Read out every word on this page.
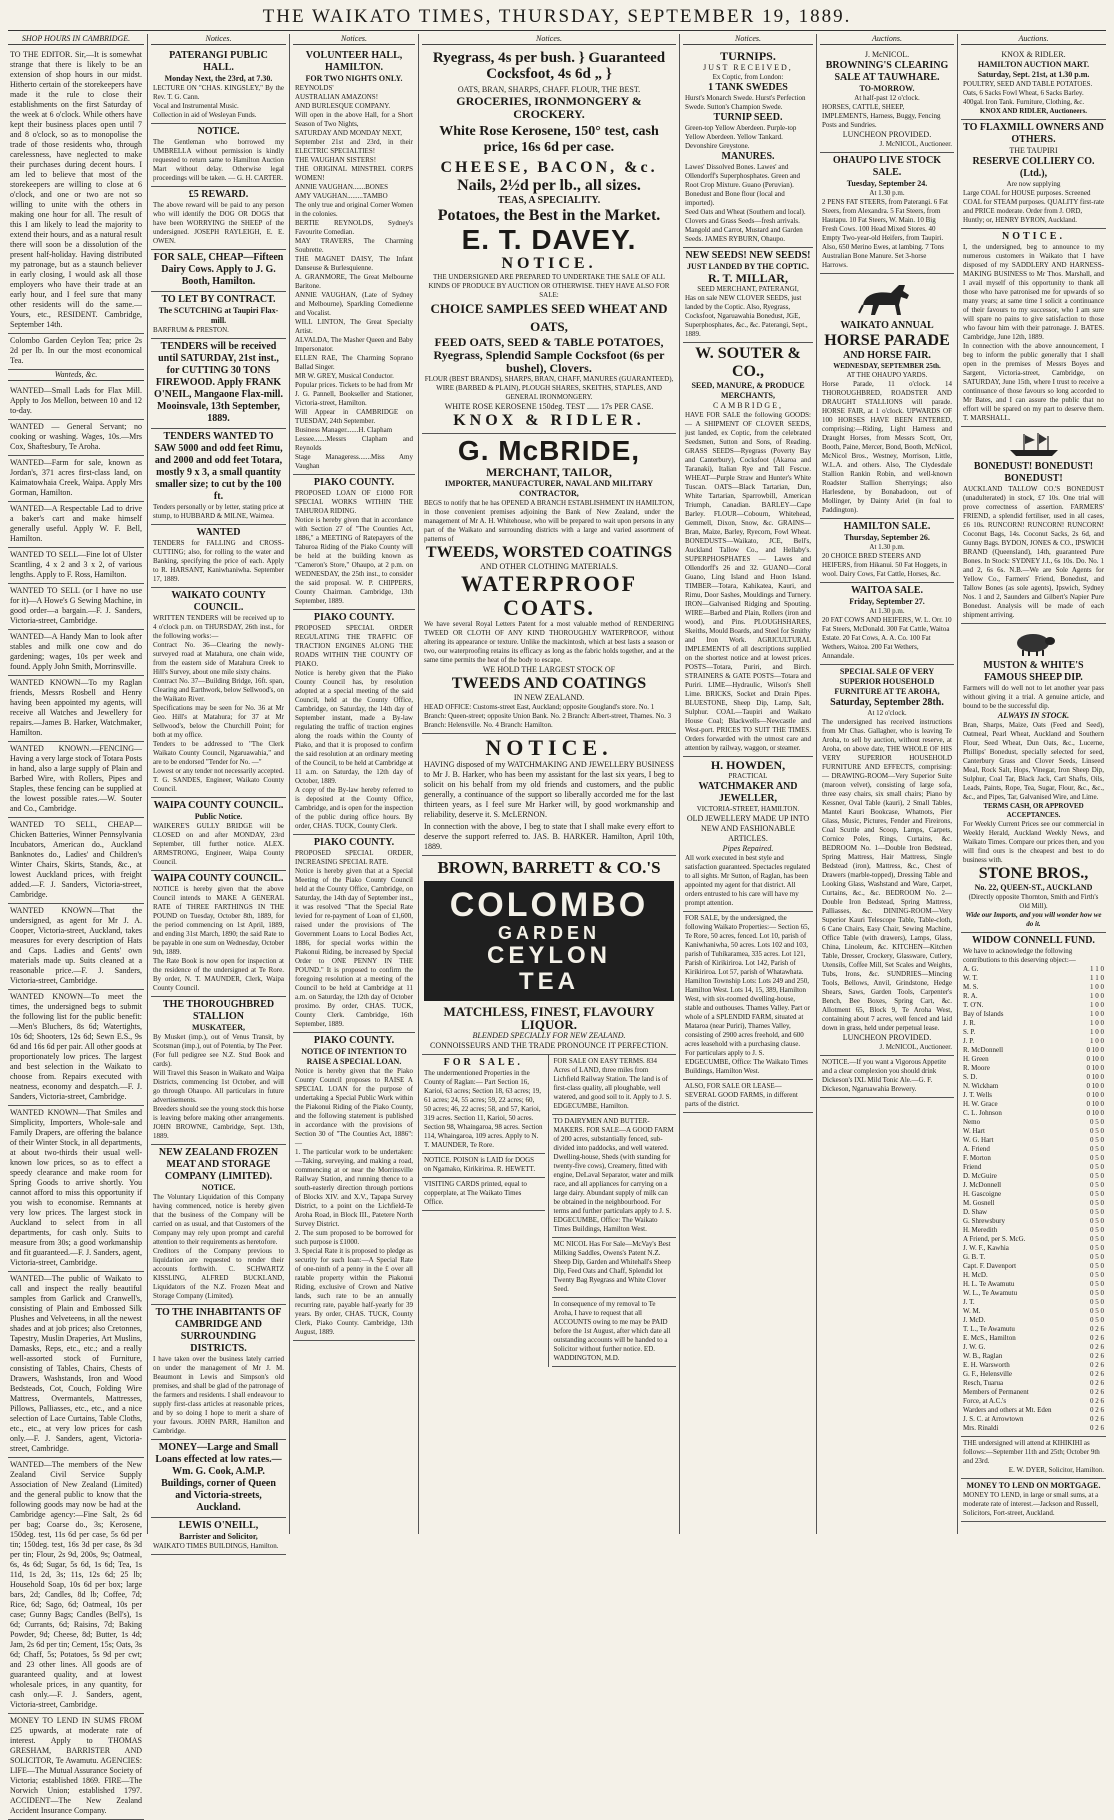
THE WAIKATO TIMES, THURSDAY, SEPTEMBER 19, 1889.
SHOP HOURS IN CAMBRIDGE.
TO THE EDITOR. Sir,—It is somewhat strange that there is likely to be an extension of shop hours in our midst. Hitherto certain of the storekeepers have made it the rule to close their establishments on the first Saturday of the week at 6 o'clock. While others have kept their business places open until 7 and 8 o'clock, so as to monopolise the trade of those residents who, through carelessness, have neglected to make their purchases during decent hours. I am led to believe that most of the storekeepers are willing to close at 6 o'clock, and one or two are not so willing to unite with the others in making one hour for all. The result of this I am likely to lead the majority to extend their hours, and as a natural result there will soon be a dissolution of the present half-holiday. Having distributed my patronage, but as a staunch believer in early closing, I would ask all those employers who have their trade at an early hour, and I feel sure that many other residents will do the same.—Yours, etc., RESIDENT. Cambridge, September 14th.
Colombo Garden Ceylon Tea; price 2s 2d per lb. In our the most economical Tea.
Wanteds, &c.
WANTED—Small Lads for Flax Mill. Apply to Jos Mellon, between 10 and 12 to-day.
WANTED — General Servant; no cooking or washing. Wages, 10s.—Mrs Cox, Shaftesbury, Te Aroha.
WANTED—Farm for sale, known as Jordan's, 371 acres first-class land, on Kaimatowhaia Creek, Waipa. Apply Mrs Gorman, Hamilton.
WANTED—A Respectable Lad to drive a baker's cart and make himself generally useful. Apply W. F. Bell, Hamilton.
WANTED TO SELL—Fine lot of Ulster Scantling, 4 x 2 and 3 x 2, of various lengths. Apply to F. Ross, Hamilton.
WANTED TO SELL (or I have no use for it)—A Howe's G Sewing Machine, in good order—a bargain.—F. J. Sanders, Victoria-street, Cambridge.
WANTED—A Handy Man to look after stables and milk one cow and do gardening; wages, 10s per week and found. Apply John Smith, Morrinsville.
WANTED KNOWN—To my Raglan friends, Messrs Rosbell and Henry having been appointed my agents, will receive all Watches and Jewellery for repairs.—James B. Harker, Watchmaker, Hamilton.
WANTED KNOWN.—FENCING—Having a very large stock of Totara Posts in hand, also a large supply of Plain and Barbed Wire, with Rollers, Pipes and Staples, these fencing can be supplied at the lowest possible rates.—W. Souter and Co., Cambridge.
WANTED TO SELL, CHEAP—Chicken Batteries, Winner Pennsylvania Incubators, American do., Auckland Banknotes do., Ladies' and Children's Winter Chairs, Skirts, Stands, &c., at lowest Auckland prices, with freight added.—F. J. Sanders, Victoria-street, Cambridge.
WANTED KNOWN—That the undersigned, as agent for Mr J. A. Cooper, Victoria-street, Auckland, takes measures for every description of Hats and Caps. Ladies and Gents' own materials made up. Suits cleaned at a reasonable price.—F. J. Sanders, Victoria-street, Cambridge.
WANTED KNOWN—To meet the times, the undersigned begs to submit the following list for the public benefit:—Men's Bluchers, 8s 6d; Watertights, 10s 6d; Shooters, 12s 6d; Sewn E.S., 9s 6d and 16s 6d per pair. All other goods at proportionately low prices. The largest and best selection in the Waikato to choose from. Repairs executed with neatness, economy and despatch.—F. J. Sanders, Victoria-street, Cambridge.
WANTED KNOWN—That Smiles and Simplicity, Importers, Whole-sale and Family Drapers, are offering the balance of their Winter Stock, in all departments, at about two-thirds their usual well-known low prices, so as to effect a speedy clearance and make room for Spring Goods to arrive shortly. You cannot afford to miss this opportunity if you wish to economise. Remnants at very low prices. The largest stock in Auckland to select from in all departments, for cash only. Suits to measure from 30s; a good workmanship and fit guaranteed.—F. J. Sanders, agent, Victoria-street, Cambridge.
WANTED—The public of Waikato to call and inspect the really beautiful samples from Garlick and Cranwell's, consisting of Plain and Embossed Silk Plushes and Velveteens, in all the newest shades and at job prices; also Cretonnes, Tapestry, Muslin Draperies, Art Muslins, Damasks, Reps, etc., etc.; and a really well-assorted stock of Furniture, consisting of Tables, Chairs, Chests of Drawers, Washstands, Iron and Wood Bedsteads, Cot, Couch, Folding Wire Mattress, Overmantels, Mattresses, Pillows, Palliasses, etc., etc., and a nice selection of Lace Curtains, Table Cloths, etc., etc., at very low prices for cash only.—F. J. Sanders, agent, Victoria-street, Cambridge.
WANTED—The members of the New Zealand Civil Service Supply Association of New Zealand (Limited) and the general public to know that the following goods may now be had at the Cambridge agency:—Fine Salt, 2s 6d per bag; Coarse do., 3s; Kerosene, 150deg. test, 11s 6d per case, 5s 6d per tin; 150deg. test, 16s 3d per case, 8s 3d per tin; Flour, 2s 9d, 200s, 9s; Oatmeal, 6s, 4s 6d; Sugar, 5s 6d, 1s 6d; Tea, 1s 11d, 1s 2d, 3s; 11s, 12s 6d; 25 lb; Household Soap, 10s 6d per box; large bars, 2d; Candles, 8d lb; Coffee, 7d; Rice, 6d; Sago, 6d; Oatmeal, 10s per case; Gunny Bags; Candles (Bell's), 1s 6d; Currants, 6d; Raisins, 7d; Baking Powder, 9d; Cheese, 8d; Butter, 1s 4d; Jam, 2s 6d per tin; Cement, 15s; Oats, 3s 6d; Chaff, 5s; Potatoes, 5s 9d per cwt; and 23 other lines. All goods are of guaranteed quality, and at lowest wholesale prices, in any quantity, for cash only.—F. J. Sanders, agent, Victoria-street, Cambridge.
MONEY TO LEND IN SUMS FROM £25 upwards, at moderate rate of interest. Apply to THOMAS GRESHAM, BARRISTER AND SOLICITOR, Te Awamutu. AGENCIES: LIFE—The Mutual Assurance Society of Victoria; established 1869. FIRE—The Norwich Union; established 1797. ACCIDENT—The New Zealand Accident Insurance Company.
Notices.
PATERANGI PUBLIC HALL.
Monday Next, the 23rd, at 7.30.
LECTURE ON "CHAS. KINGSLEY," By the Rev. T. G. Cann.
Vocal and Instrumental Music.
Collection in aid of Wesleyan Funds.
NOTICE.
The Gentleman who borrowed my UMBRELLA without permission is kindly requested to return same to Hamilton Auction Mart without delay. Otherwise legal proceedings will be taken. — G. H. CARTER.
£5 REWARD.
The above reward will be paid to any person who will identify the DOG OR DOGS that have been WORRYING the SHEEP of the undersigned. JOSEPH RAYLEIGH, E. E. OWEN.
FOR SALE, CHEAP—Fifteen Dairy Cows. Apply to J. G. Booth, Hamilton.
TO LET BY CONTRACT.
The SCUTCHING at Taupiri Flax-mill.
BARFRUM & PRESTON.
TENDERS will be received until SATURDAY, 21st inst., for CUTTING 30 TONS FIREWOOD. Apply FRANK O'NEIL, Mangaone Flax-mill. Mooinsvale, 13th September, 1889.
TENDERS WANTED TO SAW 5000 and odd feet Rimu, and 2000 and odd feet Totara, mostly 9 x 3, a small quantity smaller size; to cut by the 100 ft.
Tenders personally or by letter, stating price at stump, to HUBBARD & MILNE, Waimea.
WANTED
TENDERS for FALLING and CROSS-CUTTING; also, for rolling to the water and Banking, specifying the price of each. Apply to R. HARSANT, Kaniwhaniwha. September 17, 1889.
WAIKATO COUNTY COUNCIL.
WRITTEN TENDERS will be received up to 4 o'clock p.m. on THURSDAY, 26th inst., for the following works:—
Contract No. 36—Clearing the newly-surveyed road at Matahura, one chain wide, from the eastern side of Matahura Creek to Hill's Survey, about one mile sixty chains.
Contract No. 37—Building Bridge, 16ft. span, Clearing and Earthwork, below Sellwood's, on the Waikato River.
Specifications may be seen for No. 36 at Mr Geo. Hill's at Matahura; for 37 at Mr Sellwood's, below the Churchill Point; for both at my office.
Tenders to be addressed to "The Clerk Waikato County Council, Ngaruawahia," and are to be endorsed "Tender for No. —"
Lowest or any tender not necessarily accepted. T. G. SANDES, Engineer, Waikato County Council.
WAIPA COUNTY COUNCIL.
Public Notice.
WAIKERE'S GULLY BRIDGE will be CLOSED on and after MONDAY, 23rd September, till further notice. ALEX. ARMSTRONG, Engineer, Waipa County Council.
WAIPA COUNTY COUNCIL.
NOTICE is hereby given that the above Council intends to MAKE A GENERAL RATE of THREE FARTHINGS IN THE POUND on Tuesday, October 8th, 1889, for the period commencing on 1st April, 1889, and ending 31st March, 1890; the said Rate to be payable in one sum on Wednesday, October 9th, 1889.
The Rate Book is now open for inspection at the residence of the undersigned at Te Rore. By order, N. T. MAUNDER, Clerk, Waipa County Council.
THE THOROUGHBRED STALLION
MUSKATEER,
By Musket (imp.), out of Venus Transit, by Scotsman (imp.), out of Potentia, by The Peer.
(For full pedigree see N.Z. Stud Book and cards).
Will Travel this Season in Waikato and Waipa Districts, commencing 1st October, and will go through Ohaupo. All particulars in future advertisements.
Breeders should see the young stock this horse is leaving before making other arrangements. JOHN BROWNE, Cambridge, Sept. 13th, 1889.
NEW ZEALAND FROZEN MEAT AND STORAGE COMPANY (LIMITED).
NOTICE.
The Voluntary Liquidation of this Company having commenced, notice is hereby given that the business of the Company will be carried on as usual, and that Customers of the Company may rely upon prompt and careful attention to their requirements as heretofore.
Creditors of the Company previous to liquidation are requested to render their accounts forthwith. C. SCHWARTZ KISSLING, ALFRED BUCKLAND, Liquidators of the N.Z. Frozen Meat and Storage Company (Limited).
TO THE INHABITANTS OF CAMBRIDGE AND SURROUNDING DISTRICTS.
I have taken over the business lately carried on under the management of Mr J. M. Beaumont in Lewis and Simpson's old premises, and shall be glad of the patronage of the farmers and residents. I shall endeavour to supply first-class articles at reasonable prices, and by so doing I hope to merit a share of your favours. JOHN PARR, Hamilton and Cambridge.
MONEY—Large and Small Loans effected at low rates.—Wm. G. Cook, A.M.P. Buildings, corner of Queen and Victoria-streets, Auckland.
LEWIS O'NEILL,
Barrister and Solicitor,
WAIKATO TIMES BUILDINGS, Hamilton.
Notices.
VOLUNTEER HALL, HAMILTON.
FOR TWO NIGHTS ONLY.
REYNOLDS'
AUSTRALIAN AMAZONS!
AND BURLESQUE COMPANY.
Will open in the above Hall, for a Short Season of Two Nights,
SATURDAY AND MONDAY NEXT,
September 21st and 23rd, in their ELECTRIC SPECIALTIES!
THE VAUGHAN SISTERS!
THE ORIGINAL MINSTREL CORPS WOMEN!
ANNIE VAUGHAN.......BONES
AMY VAUGHAN.........TAMBO
The only true and original Corner Women in the colonies.
BERTIE REYNOLDS, Sydney's Favourite Comedian.
MAY TRAVERS, The Charming Soubrette.
THE MAGNET DAISY, The Infant Danseuse & Burlesquienne.
A. GRANMORE, The Great Melbourne Baritone.
ANNIE VAUGHAN, (Late of Sydney and Melbourne), Sparkling Comedienne and Vocalist.
WILL LINTON, The Great Specialty Artist.
ALVALDA, The Masher Queen and Baby Impersonator.
ELLEN RAE, The Charming Soprano Ballad Singer.
MR W. GREY, Musical Conductor.
Popular prices. Tickets to be had from Mr J. G. Pannell, Bookseller and Stationer, Victoria-street, Hamilton.
Will Appear in CAMBRIDGE on TUESDAY, 24th September.
Business Manager.......H. Clapham
Lessee.......Messrs Clapham and Reynolds
Stage Manageress.......Miss Amy Vaughan
PIAKO COUNTY.
PROPOSED LOAN OF £1000 FOR SPECIAL WORKS WITHIN THE TAHUROA RIDING.
Notice is hereby given that in accordance with Section 27 of "The Counties Act, 1886," a MEETING of Ratepayers of the Tahuroa Riding of the Piako County will be held at the building known as "Cameron's Store," Ohaupo, at 2 p.m. on WEDNESDAY, the 25th inst., to consider the said proposal. W. P. CHIPPERS, County Chairman. Cambridge, 13th September, 1889.
PIAKO COUNTY.
PROPOSED SPECIAL ORDER REGULATING THE TRAFFIC OF TRACTION ENGINES ALONG THE ROADS WITHIN THE COUNTY OF PIAKO.
Notice is hereby given that the Piako County Council has, by resolution adopted at a special meeting of the said Council, held at the County Office, Cambridge, on Saturday, the 14th day of September instant, made a By-law regulating the traffic of traction engines along the roads within the County of Piako, and that it is proposed to confirm the said resolution at an ordinary meeting of the Council, to be held at Cambridge at 11 a.m. on Saturday, the 12th day of October, 1889.
A copy of the By-law hereby referred to is deposited at the County Office, Cambridge, and is open for the inspection of the public during office hours. By order, CHAS. TUCK, County Clerk.
PIAKO COUNTY.
PROPOSED SPECIAL ORDER, INCREASING SPECIAL RATE.
Notice is hereby given that at a Special Meeting of the Piako County Council held at the County Office, Cambridge, on Saturday, the 14th day of September inst., it was resolved "That the Special Rate levied for re-payment of Loan of £1,600, raised under the provisions of The Government Loans to Local Bodies Act, 1886, for special works within the Piakonui Riding, be increased by Special Order to ONE PENNY IN THE POUND." It is proposed to confirm the foregoing resolution at a meeting of the Council to be held at Cambridge at 11 a.m. on Saturday, the 12th day of October proximo. By order, CHAS. TUCK, County Clerk. Cambridge, 16th September, 1889.
PIAKO COUNTY.
NOTICE OF INTENTION TO RAISE A SPECIAL LOAN.
Notice is hereby given that the Piako County Council proposes to RAISE A SPECIAL LOAN for the purpose of undertaking a Special Public Work within the Piakonui Riding of the Piako County, and the following statement is published in accordance with the provisions of Section 30 of "The Counties Act, 1886":—
1. The particular work to be undertaken:—Taking, surveying, and making a road, commencing at or near the Morrinsville Railway Station, and running thence to a south-easterly direction through portions of Blocks XIV. and X.V., Tapapa Survey District, to a point on the Lichfield-Te Aroha Road, in Block III., Patetere North Survey District.
2. The sum proposed to be borrowed for such purpose is £1000.
3. Special Rate it is proposed to pledge as security for such loan:—A Special Rate of one-ninth of a penny in the £ over all ratable property within the Piakonui Riding, exclusive of Crown and Native lands, such rate to be an annually recurring rate, payable half-yearly for 39 years. By order, CHAS. TUCK, County Clerk, Piako County. Cambridge, 13th August, 1889.
Notices.
Ryegrass, 4s per bush. } Guaranteed
Cocksfoot, 4s 6d „ }
OATS, BRAN, SHARPS, CHAFF. FLOUR, THE BEST.
GROCERIES, IRONMONGERY & CROCKERY.
White Rose Kerosene, 150° test, cash price, 16s 6d per case.
CHEESE, BACON, &c.
Nails, 2½d per lb., all sizes.
TEAS, A SPECIALITY.
Potatoes, the Best in the Market.
E. T. DAVEY.
NOTICE.
THE UNDERSIGNED ARE PREPARED TO UNDERTAKE THE SALE OF ALL KINDS OF PRODUCE BY AUCTION OR OTHERWISE. THEY HAVE ALSO FOR SALE:
CHOICE SAMPLES SEED WHEAT AND OATS,
FEED OATS, SEED & TABLE POTATOES,
Ryegrass, Splendid Sample Cocksfoot (6s per bushel), Clovers.
FLOUR (BEST BRANDS), SHARPS, BRAN, CHAFF, MANURES (GUARANTEED), WIRE (BARBED & PLAIN), PLOUGH SHARES, SKEITHS, STAPLES, AND GENERAL IRONMONGERY.
WHITE ROSE KEROSENE 150deg. TEST ...... 17s PER CASE.
KNOX & RIDLER.
G. McBRIDE,
MERCHANT, TAILOR,
IMPORTER, MANUFACTURER, NAVAL AND MILITARY CONTRACTOR,
BEGS to notify that he has OPENED A BRANCH ESTABLISHMENT IN HAMILTON, in those convenient premises adjoining the Bank of New Zealand, under the management of Mr A. H. Whitehouse, who will be prepared to wait upon persons in any part of the Waikato and surrounding districts with a large and varied assortment of patterns of
TWEEDS, WORSTED COATINGS
AND OTHER CLOTHING MATERIALS.
WATERPROOF COATS.
We have several Royal Letters Patent for a most valuable method of RENDERING TWEED OR CLOTH OF ANY KIND THOROUGHLY WATERPROOF, without altering its appearance or texture. Unlike the mackintosh, which at best lasts a season or two, our waterproofing retains its efficacy as long as the fabric holds together, and at the same time permits the heat of the body to escape.
WE HOLD THE LARGEST STOCK OF
TWEEDS AND COATINGS
IN NEW ZEALAND.
HEAD OFFICE: Customs-street East, Auckland; opposite Gougland's store. No. 1 Branch: Queen-street; opposite Union Bank. No. 2 Branch: Albert-street, Thames. No. 3 Branch: Helensville. No. 4 Branch: Hamilton.
NOTICE.
HAVING disposed of my WATCHMAKING AND JEWELLERY BUSINESS to Mr J. B. Harker, who has been my assistant for the last six years, I beg to solicit on his behalf from my old friends and customers, and the public generally, a continuance of the support so liberally accorded me for the last thirteen years, as I feel sure Mr Harker will, by good workmanship and reliability, deserve it. S. McLERNON.
In connection with the above, I beg to state that I shall make every effort to deserve the support referred to. JAS. B. HARKER. Hamilton, April 10th, 1889.
BROWN, BARRETT & CO.'S
COLOMBO
GARDEN
CEYLON
TEA
MATCHLESS, FINEST, FLAVOURY LIQUOR.
BLENDED SPECIALLY FOR NEW ZEALAND.
CONNOISSEURS AND THE TRADE PRONOUNCE IT PERFECTION.
FOR SALE.
The undermentioned Properties in the County of Raglan:— Part Section 16, Karioi, 63 acres; Section 18, 63 acres; 19, 61 acres; 24, 55 acres; 59, 22 acres; 60, 50 acres; 46, 22 acres; 58, and 57, Karioi, 319 acres. Section 11, Karioi, 50 acres. Section 98, Whaingaroa, 98 acres. Section 114, Whaingaroa, 109 acres. Apply to N. T. MAUNDER, Te Rore.
NOTICE. POISON is LAID for DOGS on Ngamako, Kirikiriroa. R. HEWETT.
VISITING CARDS printed, equal to copperplate, at The Waikato Times Office.
FOR SALE ON EASY TERMS. 834 Acres of LAND, three miles from Lichfield Railway Station. The land is of first-class quality, all ploughable, well watered, and good soil to it. Apply to J. S. EDGECUMBE, Hamilton.
TO DAIRYMEN AND BUTTER-MAKERS. FOR SALE—A GOOD FARM of 200 acres, substantially fenced, sub-divided into paddocks, and well watered. Dwelling-house, Sheds (with standing for twenty-five cows), Creamery, fitted with engine, DeLaval Separator, water and milk race, and all appliances for carrying on a large dairy. Abundant supply of milk can be obtained in the neighbourhood. For terms and further particulars apply to J. S. EDGECUMBE, Office: The Waikato Times Buildings, Hamilton West.
MC NICOL Has For Sale—McVay's Best Milking Saddles, Owens's Patent N.Z. Sheep Dip, Garden and Whitehall's Sheep Dip, Feed Oats and Chaff, Splendid lot Twenty Bag Ryegrass and White Clover Seed.
In consequence of my removal to Te Aroha, I have to request that all ACCOUNTS owing to me may be PAID before the 1st August, after which date all outstanding accounts will be handed to a Solicitor without further notice. ED. WADDINGTON, M.D.
Notices.
TURNIPS.
JUST RECEIVED,
Ex Coptic, from London:
1 TANK SWEDES
Hurst's Monarch Swede. Hurst's Perfection Swede. Sutton's Champion Swede.
TURNIP SEED.
Green-top Yellow Aberdeen. Purple-top Yellow Aberdeen. Yellow Tankard. Devonshire Greystone.
MANURES.
Lawes' Dissolved Bones. Lawes' and Ollendorff's Superphosphates. Green and Root Crop Mixture. Guano (Peruvian). Bonedust and Bone flour (local and imported).
Seed Oats and Wheat (Southern and local). Clovers and Grass Seeds—fresh arrivals. Mangold and Carrot, Mustard and Garden Seeds. JAMES RYBURN, Ohaupo.
NEW SEEDS! NEW SEEDS!
JUST LANDED BY THE COPTIC.
R. T. MILLAR,
SEED MERCHANT, PATERANGI,
Has on sale NEW CLOVER SEEDS, just landed by the Coptic. Also, Ryegrass, Cocksfoot, Ngaruawahia Bonedust, JGE, Superphosphates, &c., &c. Paterangi, Sept., 1889.
W. SOUTER & CO.,
SEED, MANURE, & PRODUCE MERCHANTS,
CAMBRIDGE,
HAVE FOR SALE the following GOODS:— A SHIPMENT OF CLOVER SEEDS, just landed, ex Coptic, from the celebrated Seedsmen, Sutton and Sons, of Reading. GRASS SEEDS—Ryegrass (Poverty Bay and Canterbury), Cocksfoot (Akaroa and Taranaki), Italian Rye and Tall Fescue. WHEAT—Purple Straw and Hunter's White Tuscan. OATS—Black Tartarian, Dun, White Tartarian, Sparrowbill, American Triumph, Canadian. BARLEY—Cape Barley. FLOUR—Cobourn, Whitehead, Gemmell, Dixon, Snow, &c. GRAINS—Bran, Maize, Barley, Ryecorn, Fowl Wheat. BONEDUSTS—Waikato, JCE, Bell's, Auckland Tallow Co., and Hellaby's. SUPERPHOSPHATES — Lawes and Ollendorff's 26 and 32. GUANO—Coral Guano, Ling Island and Huon Island. TIMBER—Totara, Kahikatea, Kauri, and Rimu, Door Sashes, Mouldings and Turnery. IRON—Galvanised Ridging and Spouting. WIRE—Barbed and Plain, Rollers (iron and wood), and Pins. PLOUGHSHARES, Skeiths, Mould Boards, and Steel for Smithy and Iron Work. AGRICULTURAL IMPLEMENTS of all descriptions supplied on the shortest notice and at lowest prices. POSTS—Totara, Puriri, and Birch. STRAINERS & GATE POSTS—Totara and Puriri. LIME—Hydraulic, Wilson's Shell Lime. BRICKS, Socket and Drain Pipes. BLUESTONE, Sheep Dip, Lamp, Salt, Sulphur. COAL—Taupiri and Waikato House Coal; Blackwells—Newcastle and West-port. PRICES TO SUIT THE TIMES. Orders forwarded with the utmost care and attention by railway, waggon, or steamer.
H. HOWDEN,
PRACTICAL
WATCHMAKER AND JEWELLER,
VICTORIA-STREET, HAMILTON.
OLD JEWELLERY MADE UP INTO NEW AND FASHIONABLE ARTICLES.
Pipes Repaired.
All work executed in best style and satisfaction guaranteed. Spectacles regulated to all sights. Mr Sutton, of Raglan, has been appointed my agent for that district. All orders entrusted to his care will have my prompt attention.
FOR SALE, by the undersigned, the following Waikato Properties:— Section 65, Te Rore, 50 acres, fenced. Lot 10, parish of Kaniwhaniwha, 50 acres. Lots 102 and 103, parish of Tuhikaramea, 335 acres. Lot 121, Parish of Kirikiriroa. Lot 142, Parish of Kirikiriroa. Lot 57, parish of Whatawhata. Hamilton Township Lots: Lots 249 and 250, Hamilton West. Lots 14, 15, 389, Hamilton West, with six-roomed dwelling-house, stable and outhouses. Thames Valley. Part or whole of a SPLENDID FARM, situated at Mataroa (near Puriri), Thames Valley, consisting of 2900 acres freehold, and 600 acres leasehold with a purchasing clause. For particulars apply to J. S. EDGECUMBE, Office: The Waikato Times Buildings, Hamilton West.
ALSO, FOR SALE OR LEASE—SEVERAL GOOD FARMS, in different parts of the district.
Auctions.
J. McNICOL.
BROWNING'S CLEARING SALE AT TAUWHARE.
TO-MORROW.
At half-past 12 o'clock.
HORSES, CATTLE, SHEEP, IMPLEMENTS, Harness, Buggy, Fencing Posts and Sundries.
LUNCHEON PROVIDED.
J. McNICOL, Auctioneer.
OHAUPO LIVE STOCK SALE.
Tuesday, September 24.
At 1.30 p.m.
2 PENS FAT STEERS, from Paterangi. 6 Fat Steers, from Alexandra. 5 Fat Steers, from Hautapu. 10 Fat Steers, W. Main. 10 Big Fresh Cows. 100 Head Mixed Stores. 40 Empty Two-year-old Heifers, from Taupiri. Also, 650 Merino Ewes, at lambing. 7 Tons Australian Bone Manure. Set 3-horse Harrows.
WAIKATO ANNUAL
HORSE PARADE
AND HORSE FAIR.
WEDNESDAY, SEPTEMBER 25th.
AT THE OHAUPO YARDS.
Horse Parade, 11 o'clock. 14 THOROUGHBRED, ROADSTER AND DRAUGHT STALLIONS will parade. HORSE FAIR, at 1 o'clock. UPWARDS OF 100 HORSES HAVE BEEN ENTERED, comprising:—Riding, Light Harness and Draught Horses, from Messrs Scott, Orr, Booth, Paine, Mercer, Bond, Booth, McNicol, McNicol Bros., Westney, Morrison, Little, W.L.A. and others. Also, The Clydesdale Stallion Rankin Robin, and well-known Roadster Stallion Sherryings; also Harlesdene, by Bonabadoon, out of Mollinger, by Dainty Ariel (in foal to Paddington).
HAMILTON SALE.
Thursday, September 26.
At 1.30 p.m.
20 CHOICE BRED STEERS AND HEIFERS, from Hikanui. 50 Fat Hoggets, in wool. Dairy Cows, Fat Cattle, Horses, &c.
WAITOA SALE.
Friday, September 27.
At 1.30 p.m.
20 FAT COWS AND HEIFERS, W. L. Orr. 10 Fat Steers, McDonald. 300 Fat Cattle, Waitoa Estate. 20 Fat Cows, A. A. Co. 100 Fat Wethers, Waitoa. 200 Fat Wethers, Annandale.
SPECIAL SALE OF VERY SUPERIOR HOUSEHOLD FURNITURE AT TE AROHA,
Saturday, September 28th.
At 12 o'clock.
The undersigned has received instructions from Mr Chas. Gallagher, who is leaving Te Aroha, to sell by auction, without reserve, at Aroha, on above date, THE WHOLE OF HIS VERY SUPERIOR HOUSEHOLD FURNITURE AND EFFECTS, comprising:— DRAWING-ROOM—Very Superior Suite (maroon velvet), consisting of large sofa, three easy chairs, six small chairs; Piano by Kessner, Oval Table (kauri), 2 Small Tables, Mantel Kauri Bookcase, Whatnots, Pier Glass, Music, Pictures, Fender and Fireirons, Coal Scuttle and Scoop, Lamps, Carpets, Cornice Poles, Rings, Curtains, &c. BEDROOM No. 1—Double Iron Bedstead, Spring Mattress, Hair Mattress, Single Bedstead (iron), Mattress, &c., Chest of Drawers (marble-topped), Dressing Table and Looking Glass, Washstand and Ware, Carpet, Curtains, &c., &c. BEDROOM No. 2—Double Iron Bedstead, Spring Mattress, Palliasses, &c. DINING-ROOM—Very Superior Kauri Telescope Table, Table-cloth, 6 Cane Chairs, Easy Chair, Sewing Machine, Office Table (with drawers), Lamps, Glass, China, Linoleum, &c. KITCHEN—Kitchen Table, Dresser, Crockery, Glassware, Cutlery, Utensils, Coffee Mill, Set Scales and Weights, Tubs, Irons, &c. SUNDRIES—Mincing Tools, Bellows, Anvil, Grindstone, Hedge Shears, Saws, Garden Tools, Carpenter's Bench, Bee Boxes, Spring Cart, &c. Allotment 65, Block 9, Te Aroha West, containing about 7 acres, well fenced and laid down in grass, held under perpetual lease.
LUNCHEON PROVIDED.
J. McNICOL, Auctioneer.
NOTICE.—If you want a Vigorous Appetite and a clear complexion you should drink Dickeson's IXL Mild Tonic Ale.—G. F. Dickeson, Ngaruawahia Brewery.
Auctions.
KNOX & RIDLER.
HAMILTON AUCTION MART.
Saturday, Sept. 21st, at 1.30 p.m.
POULTRY, SEED AND TABLE POTATOES. Oats, 6 Sacks Fowl Wheat, 6 Sacks Barley. 400gal. Iron Tank. Furniture, Clothing, &c.
KNOX AND RIDLER, Auctioneers.
TO FLAXMILL OWNERS AND OTHERS.
THE TAUPIRI
RESERVE COLLIERY CO. (Ltd.),
Are now supplying
Large COAL for HOUSE purposes. Screened COAL for STEAM purposes. QUALITY first-rate and PRICE moderate. Order from J. ORD, Huntly; or, HENRY BYRON, Auckland.
NOTICE.
I, the undersigned, beg to announce to my numerous customers in Waikato that I have disposed of my SADDLERY AND HARNESS-MAKING BUSINESS to Mr Thos. Marshall, and I avail myself of this opportunity to thank all those who have patronised me for upwards of so many years; at same time I solicit a continuance of their favours to my successor, who I am sure will spare no pains to give satisfaction to those who favour him with their patronage. J. BATES. Cambridge, June 12th, 1889.
In connection with the above announcement, I beg to inform the public generally that I shall open in the premises of Messrs Boyes and Sargent, Victoria-street, Cambridge, on SATURDAY, June 15th, where I trust to receive a continuance of those favours so long accorded to Mr Bates, and I can assure the public that no effort will be spared on my part to deserve them. T. MARSHALL.
BONEDUST! BONEDUST! BONEDUST!
AUCKLAND TALLOW CO.'S BONEDUST (unadulterated) in stock, £7 10s. One trial will prove correctness of assertion. FARMERS' FRIEND, a splendid fertiliser, used in all cases, £6 10s. RUNCORN! RUNCORN! RUNCORN! Coconut Bags, 14s. Coconut Sacks, 2s 6d, and Gunny Bags. BYDON, JONES & CO., IPSWICH BRAND (Queensland), 14th, guaranteed Pure Bones. In Stock: SYDNEY J.I., 6s 10s. Do. No. 1 and 2, 6s 6s. N.B.—We are Sole Agents for Yellow Co., Farmers' Friend, Bonedust, and Tallow Bones (as sole agents), Ipswich, Sydney Nos. 1 and 2, Saunders and Gilbert's Napier Pure Bonedust. Analysis will be made of each shipment arriving.
MUSTON & WHITE'S FAMOUS SHEEP DIP.
Farmers will do well not to let another year pass without giving it a trial. A genuine article, and bound to be the successful dip.
ALWAYS IN STOCK.
Bran, Sharps, Maize, Oats (Feed and Seed), Oatmeal, Pearl Wheat, Auckland and Southern Flour, Seed Wheat, Dun Oats, &c., Lucerne, Phillips' Bonedust, specially selected for seed, Canterbury Grass and Clover Seeds, Linseed Meal, Rock Salt, Hops, Vinegar, Iron Sheep Dip, Sulphur, Coal Tar, Black Jack, Cart Shafts, Oils, Leads, Paints, Rope, Tea, Sugar, Flour, &c., &c., &c., and Pipes, Tar, Galvanised Wire, and Lime.
TERMS CASH, OR APPROVED ACCEPTANCES.
For Weekly Current Prices see our commercial in Weekly Herald, Auckland Weekly News, and Waikato Times. Compare our prices then, and you will find ours is the cheapest and best to do business with.
STONE BROS.,
No. 22, QUEEN-ST., AUCKLAND
(Directly opposite Thornton, Smith and Firth's Old Mill).
Wide our Imports, and you will wonder how we do it.
WIDOW CONNELL FUND.
We have to acknowledge the following contributions to this deserving object:—
A. G.	1 1 0
W. T.	1 1 0
M. S.	1 0 0
R. A.	1 0 0
T. O'N.	1 0 0
Bay of Islands	1 0 0
J. R.	1 0 0
S. P.	1 0 0
J. P.	1 0 0
R. McDonnell	0 10 0
H. Green	0 10 0
R. Moore	0 10 0
S. D.	0 10 0
N. Wickham	0 10 0
J. T. Wells	0 10 0
H. W. Grace	0 10 0
C. L. Johnson	0 10 0
Nemo	0 5 0
W. Hart	0 5 0
W. G. Hart	0 5 0
A. Friend	0 5 0
F. Morton	0 5 0
Friend	0 5 0
D. McGuire	0 5 0
J. McDonnell	0 5 0
H. Gascoigne	0 5 0
M. Gosnell	0 5 0
D. Shaw	0 5 0
G. Shrewsbury	0 5 0
H. Meredith	0 5 0
A Friend, per S. McG.	0 5 0
J. W. F., Kawhia	0 5 0
G. B. T.	0 5 0
Capt. F. Davenport	0 5 0
H. McD.	0 5 0
H. L. Te Awamutu	0 5 0
W. L., Te Awamutu	0 5 0
J. T.	0 5 0
W. M.	0 5 0
J. McD.	0 5 0
T. L., Te Awamutu	0 2 6
E. McS., Hamilton	0 2 6
J. W. G.	0 2 6
W. B., Raglan	0 2 6
E. H. Warsworth	0 2 6
G. F., Helensville	0 2 6
Resch, Tuarua	0 2 6
Members of Permanent	0 2 6
Force, at A.C.'s	0 2 6
Warders and others at Mt. Eden	0 2 6
J. S. C. at Arrowtown	0 2 6
Mrs. Rinaldi	0 2 6
THE undersigned will attend at KIHIKIHI as follows:—September 11th and 25th; October 9th and 23rd.
E. W. DYER, Solicitor, Hamilton.
MONEY TO LEND ON MORTGAGE.
MONEY TO LEND, in large or small sums, at a moderate rate of interest.—Jackson and Russell, Solicitors, Fort-street, Auckland.
